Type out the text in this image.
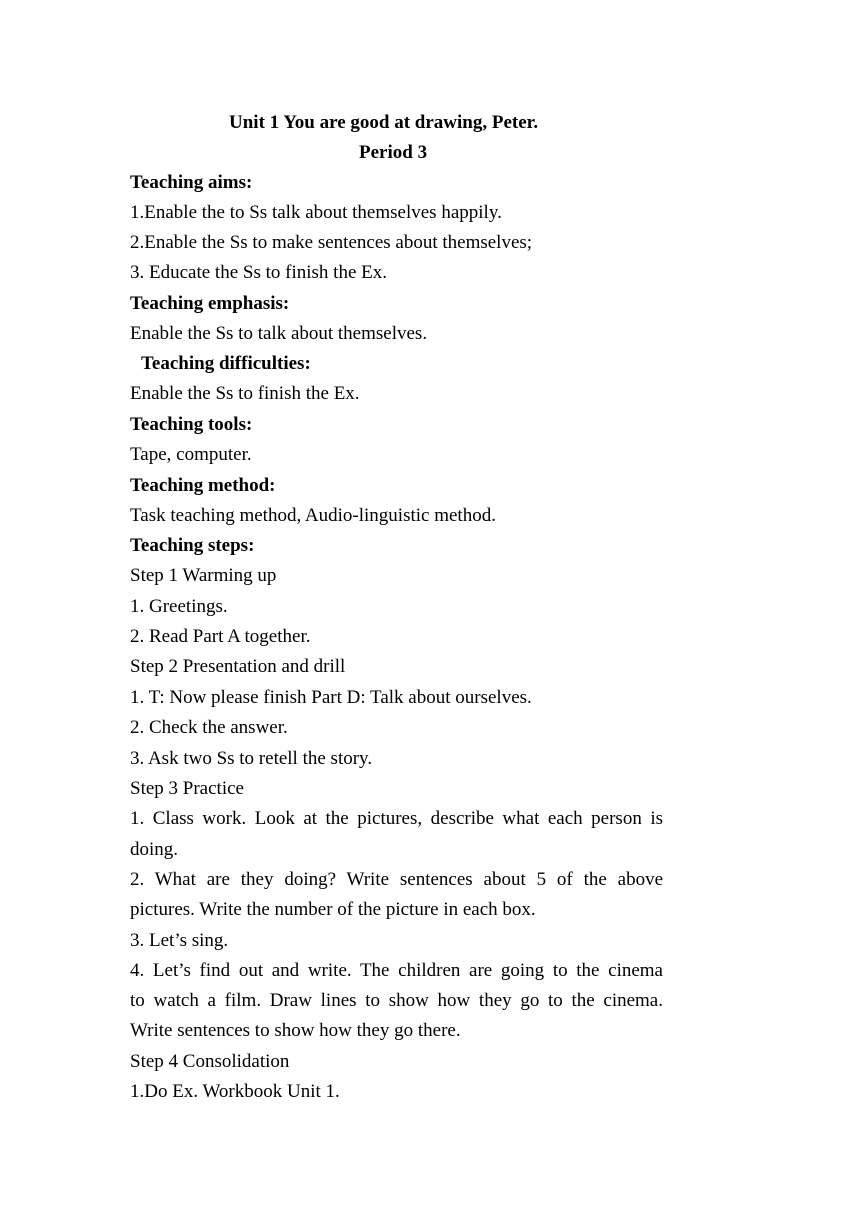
Unit 1 You are good at drawing, Peter.
Period 3
Teaching aims:
1.Enable the to Ss talk about themselves happily.
2.Enable the Ss to make sentences about themselves;
3. Educate the Ss to finish the Ex.
Teaching emphasis:
Enable the Ss to talk about themselves.
Teaching difficulties:
Enable the Ss to finish the Ex.
Teaching tools:
Tape, computer.
Teaching method:
Task teaching method, Audio-linguistic method.
Teaching steps:
Step 1 Warming up
1. Greetings.
2. Read Part A together.
Step 2 Presentation and drill
1. T: Now please finish Part D: Talk about ourselves.
2. Check the answer.
3. Ask two Ss to retell the story.
Step 3 Practice
1. Class work. Look at the pictures, describe what each person is
doing.
2. What are they doing? Write sentences about 5 of the above
pictures. Write the number of the picture in each box.
3. Let’s sing.
4. Let’s find out and write. The children are going to the cinema
to watch a film. Draw lines to show how they go to the cinema.
Write sentences to show how they go there.
Step 4 Consolidation
1.Do Ex. Workbook Unit 1.
